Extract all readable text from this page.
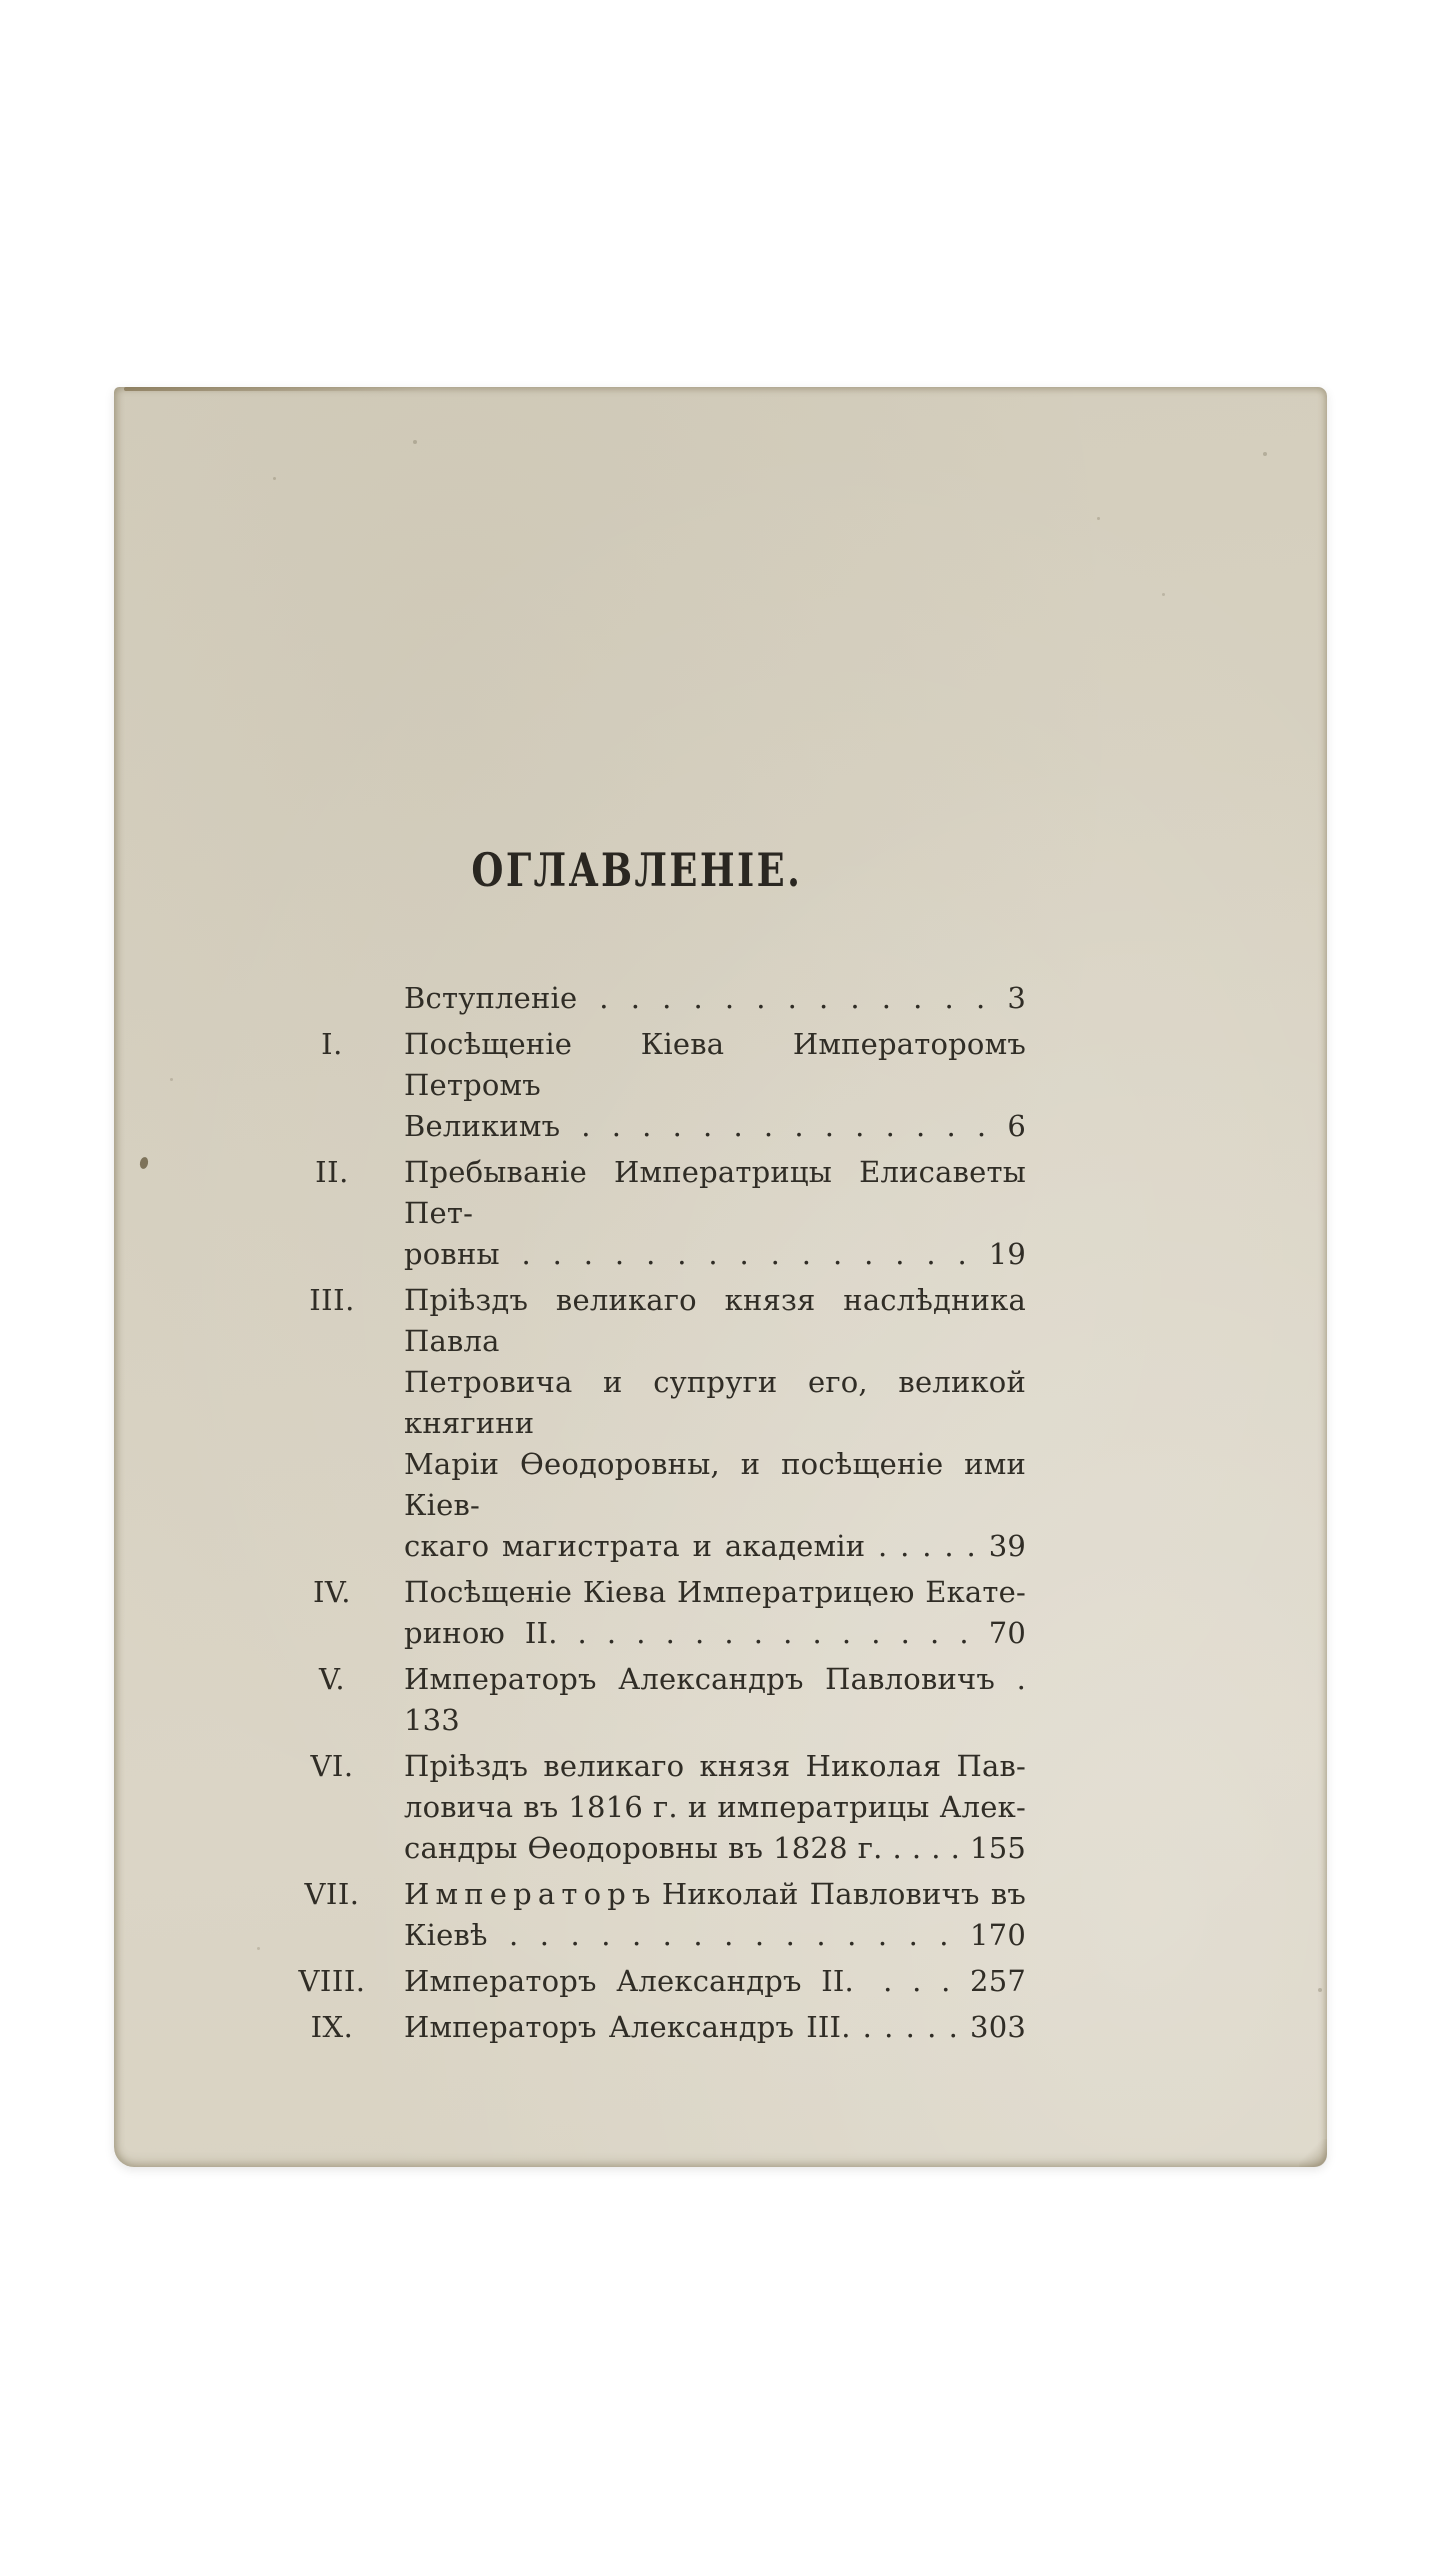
ОГЛАВЛЕНІЕ.
Вступленіе . . . . . . . . . . . . . 3
I.	Посѣщеніе Кіева Императоромъ Петромъ
Великимъ . . . . . . . . . . . . . . 6
II.	Пребываніе Императрицы Елисаветы Пет-
ровны . . . . . . . . . . . . . . . 19
III.	Пріѣздъ великаго князя наслѣдника Павла
Петровича и супруги его, великой княгини
Маріи Ѳеодоровны, и посѣщеніе ими Кіев-
скаго магистрата и академіи . . . . . 39
IV.	Посѣщеніе Кіева Императрицею Екате-
риною II. . . . . . . . . . . . . . . 70
V.	Императоръ Александръ Павловичъ . 133
VI.	Пріѣздъ великаго князя Николая Пав-
ловича въ 1816 г. и императрицы Алек-
сандры Ѳеодоровны въ 1828 г. . . . . 155
VII.	И м п е р а т о р ъ Николай Павловичъ въ
Кіевѣ . . . . . . . . . . . . . . . 170
VIII.	Императоръ Александръ II. . . . 257
IX.	Императоръ Александръ III. . . . . . 303
